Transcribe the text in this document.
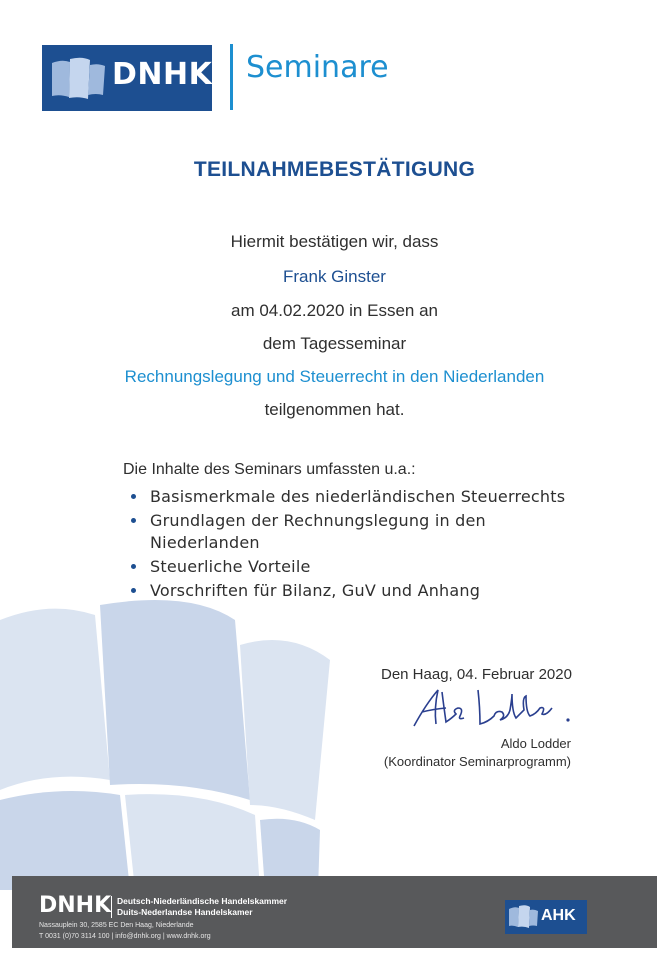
DNHK Seminare
TEILNAHMEBESTÄTIGUNG
Hiermit bestätigen wir, dass
Frank Ginster
am 04.02.2020 in Essen an
dem Tagesseminar
Rechnungslegung und Steuerrecht in den Niederlanden
teilgenommen hat.
Die Inhalte des Seminars umfassten u.a.:
Basismerkmale des niederländischen Steuerrechts
Grundlagen der Rechnungslegung in den Niederlanden
Steuerliche Vorteile
Vorschriften für Bilanz, GuV und Anhang
Den Haag, 04. Februar 2020
Aldo Lodder
(Koordinator Seminarprogramm)
DNHK Deutsch-Niederländische Handelskammer
Duits-Nederlandse Handelskamer
Nassauplein 30, 2585 EC Den Haag, Niederlande
T 0031 (0)70 3114 100 | info@dnhk.org | www.dnhk.org
AHK
